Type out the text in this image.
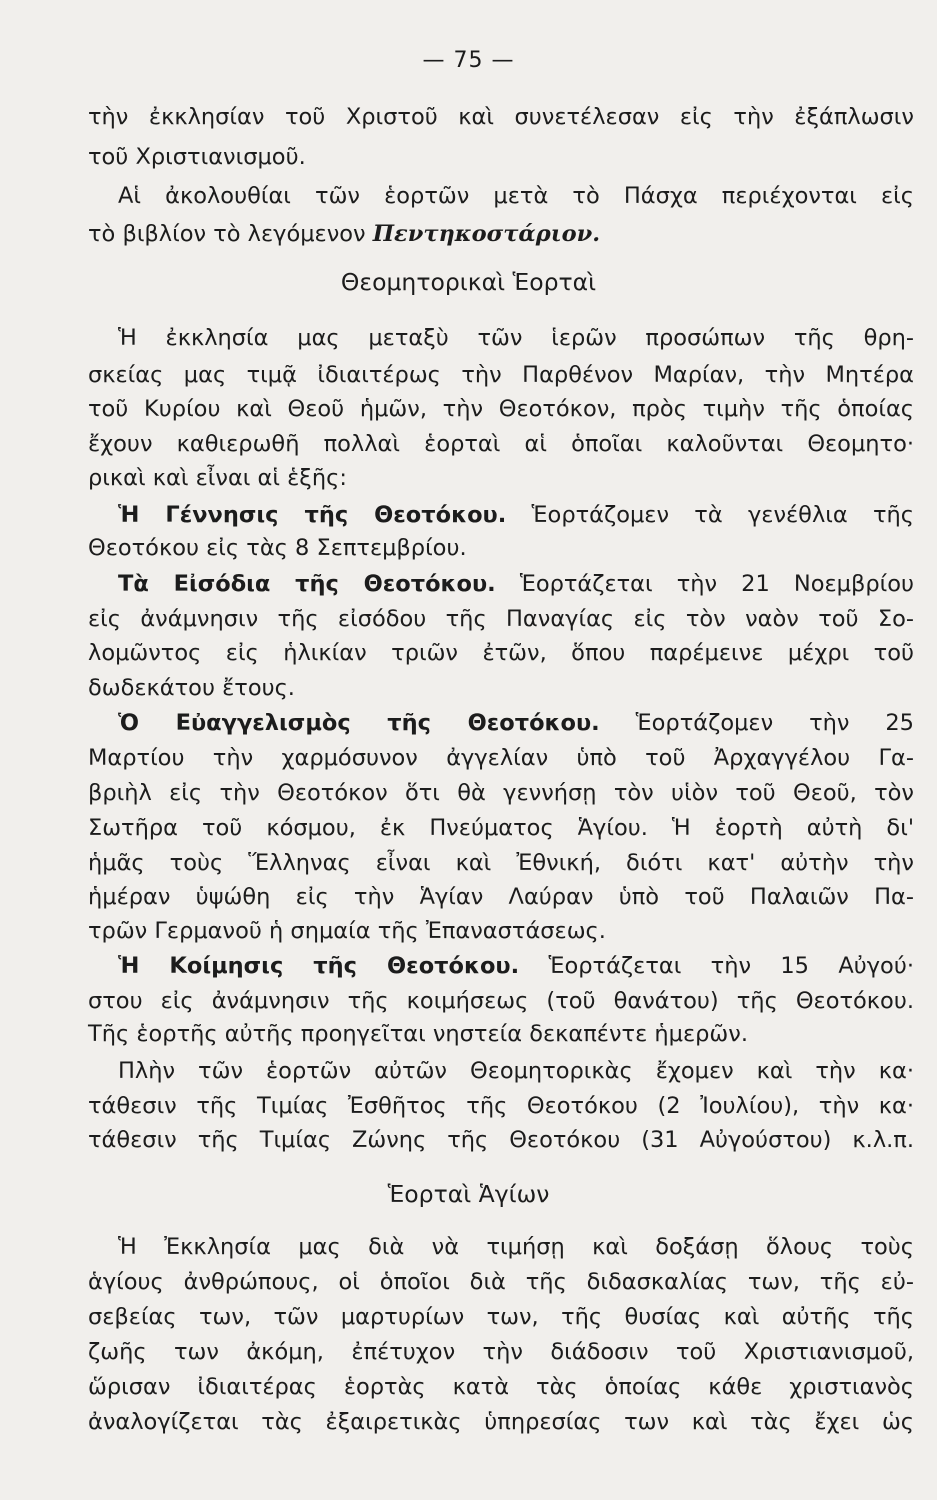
— 75 —
τὴν ἐκκλησίαν τοῦ Χριστοῦ καὶ συνετέλεσαν εἰς τὴν ἐξάπλωσιν
τοῦ Χριστιανισμοῦ.
Αἱ ἀκολουθίαι τῶν ἑορτῶν μετὰ τὸ Πάσχα περιέχονται εἰς
τὸ βιβλίον τὸ λεγόμενον Πεντηκοστάριον.
Θεομητορικαὶ Ἑορταὶ
Ἡ ἐκκλησία μας μεταξὺ τῶν ἱερῶν προσώπων τῆς θρη-
σκείας μας τιμᾷ ἰδιαιτέρως τὴν Παρθένον Μαρίαν, τὴν Μητέρα
τοῦ Κυρίου καὶ Θεοῦ ἡμῶν, τὴν Θεοτόκον, πρὸς τιμὴν τῆς ὁποίας
ἔχουν καθιερωθῆ πολλαὶ ἑορταὶ αἱ ὁποῖαι καλοῦνται Θεομητο·
ρικαὶ καὶ εἶναι αἱ ἑξῆς:
Ἡ Γέννησις τῆς Θεοτόκου. Ἑορτάζομεν τὰ γενέθλια τῆς
Θεοτόκου εἰς τὰς 8 Σεπτεμβρίου.
Τὰ Εἰσόδια τῆς Θεοτόκου. Ἑορτάζεται τὴν 21 Νοεμβρίου
εἰς ἀνάμνησιν τῆς εἰσόδου τῆς Παναγίας εἰς τὸν ναὸν τοῦ Σο-
λομῶντος εἰς ἡλικίαν τριῶν ἐτῶν, ὅπου παρέμεινε μέχρι τοῦ
δωδεκάτου ἔτους.
Ὁ Εὐαγγελισμὸς τῆς Θεοτόκου. Ἑορτάζομεν τὴν 25
Μαρτίου τὴν χαρμόσυνον ἀγγελίαν ὑπὸ τοῦ Ἀρχαγγέλου Γα-
βριὴλ εἰς τὴν Θεοτόκον ὅτι θὰ γεννήσῃ τὸν υἱὸν τοῦ Θεοῦ, τὸν
Σωτῆρα τοῦ κόσμου, ἐκ Πνεύματος Ἁγίου. Ἡ ἑορτὴ αὐτὴ δι'
ἡμᾶς τοὺς Ἕλληνας εἶναι καὶ Ἐθνική, διότι κατ' αὐτὴν τὴν
ἡμέραν ὑψώθη εἰς τὴν Ἁγίαν Λαύραν ὑπὸ τοῦ Παλαιῶν Πα-
τρῶν Γερμανοῦ ἡ σημαία τῆς Ἐπαναστάσεως.
Ἡ Κοίμησις τῆς Θεοτόκου. Ἑορτάζεται τὴν 15 Αὐγού·
στου εἰς ἀνάμνησιν τῆς κοιμήσεως (τοῦ θανάτου) τῆς Θεοτόκου.
Τῆς ἑορτῆς αὐτῆς προηγεῖται νηστεία δεκαπέντε ἡμερῶν.
Πλὴν τῶν ἑορτῶν αὐτῶν Θεομητορικὰς ἔχομεν καὶ τὴν κα·
τάθεσιν τῆς Τιμίας Ἐσθῆτος τῆς Θεοτόκου (2 Ἰουλίου), τὴν κα·
τάθεσιν τῆς Τιμίας Ζώνης τῆς Θεοτόκου (31 Αὐγούστου) κ.λ.π.
Ἑορταὶ Ἁγίων
Ἡ Ἐκκλησία μας διὰ νὰ τιμήσῃ καὶ δοξάσῃ ὅλους τοὺς
ἁγίους ἀνθρώπους, οἱ ὁποῖοι διὰ τῆς διδασκαλίας των, τῆς εὐ-
σεβείας των, τῶν μαρτυρίων των, τῆς θυσίας καὶ αὐτῆς τῆς
ζωῆς των ἀκόμη, ἐπέτυχον τὴν διάδοσιν τοῦ Χριστιανισμοῦ,
ὥρισαν ἰδιαιτέρας ἑορτὰς κατὰ τὰς ὁποίας κάθε χριστιανὸς
ἀναλογίζεται τὰς ἐξαιρετικὰς ὑπηρεσίας των καὶ τὰς ἔχει ὡς
